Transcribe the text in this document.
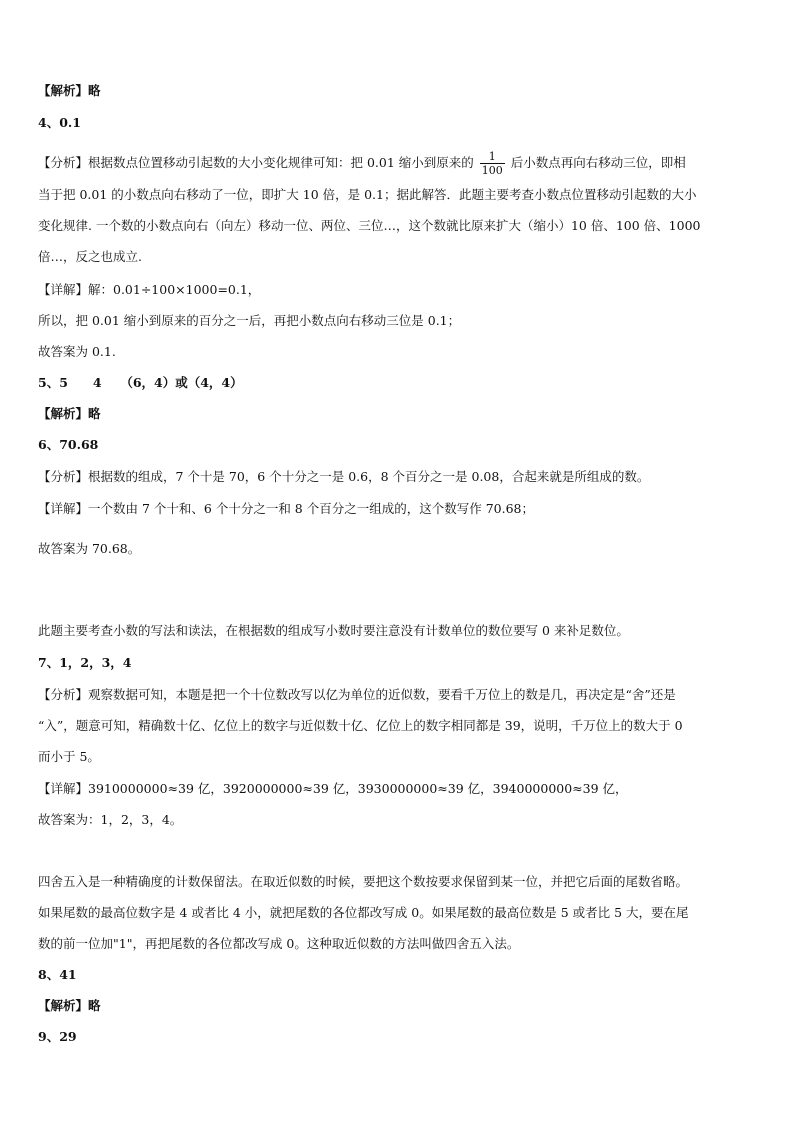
【解析】略
4、0.1
【分析】根据数点位置移动引起数的大小变化规律可知：把 0.01 缩小到原来的 $\frac{1}{100}$ 后小数点再向右移动三位，即相
当于把 0.01 的小数点向右移动了一位，即扩大 10 倍，是 0.1；据此解答．此题主要考查小数点位置移动引起数的大小
变化规律. 一个数的小数点向右（向左）移动一位、两位、三位…，这个数就比原来扩大（缩小）10 倍、100 倍、1000
倍…，反之也成立.
【详解】解：0.01÷100×1000=0.1，
所以，把 0.01 缩小到原来的百分之一后，再把小数点向右移动三位是 0.1；
故答案为 0.1.
5、5　　4　　（6，4）或（4，4）
【解析】略
6、70.68
【分析】根据数的组成，7 个十是 70，6 个十分之一是 0.6，8 个百分之一是 0.08，合起来就是所组成的数。
【详解】一个数由 7 个十和、6 个十分之一和 8 个百分之一组成的，这个数写作 70.68；
故答案为 70.68。
此题主要考查小数的写法和读法，在根据数的组成写小数时要注意没有计数单位的数位要写 0 来补足数位。
7、1，2，3，4
【分析】观察数据可知，本题是把一个十位数改写以亿为单位的近似数，要看千万位上的数是几，再决定是“舍”还是
“入”，题意可知，精确数十亿、亿位上的数字与近似数十亿、亿位上的数字相同都是 39，说明，千万位上的数大于 0
而小于 5。
【详解】3910000000≈39 亿，3920000000≈39 亿，3930000000≈39 亿，3940000000≈39 亿，
故答案为：1，2，3，4。
四舍五入是一种精确度的计数保留法。在取近似数的时候，要把这个数按要求保留到某一位，并把它后面的尾数省略。
如果尾数的最高位数字是 4 或者比 4 小，就把尾数的各位都改写成 0。如果尾数的最高位数是 5 或者比 5 大，要在尾
数的前一位加"1"，再把尾数的各位都改写成 0。这种取近似数的方法叫做四舍五入法。
8、41
【解析】略
9、29
